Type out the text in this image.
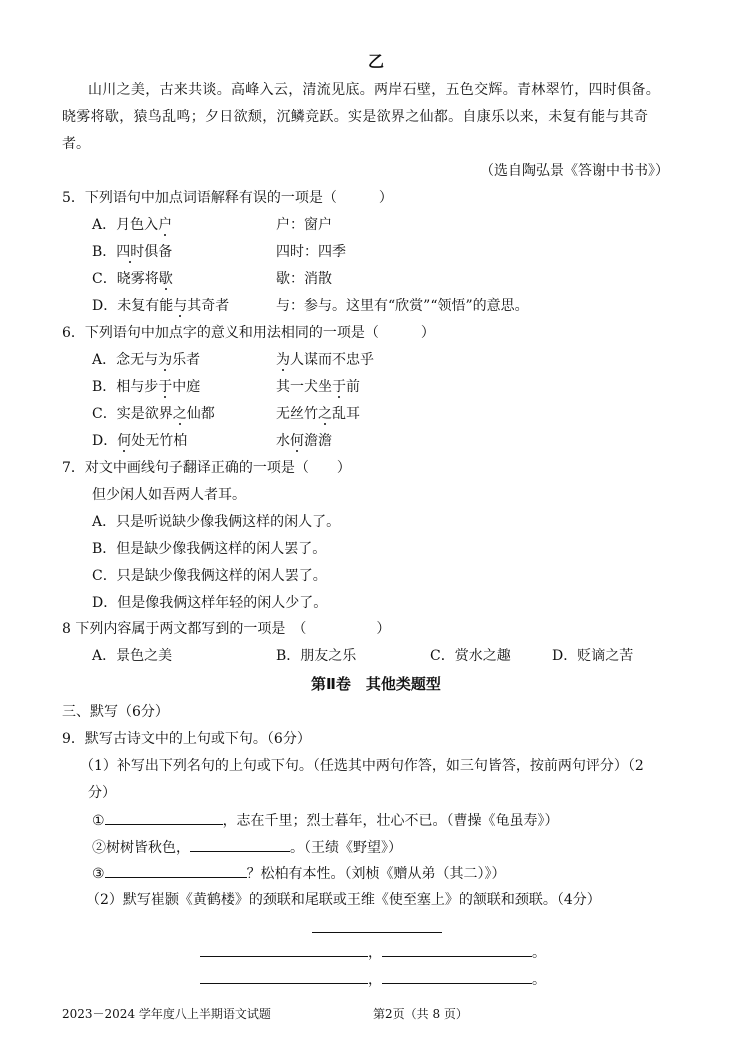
乙
山川之美，古来共谈。高峰入云，清流见底。两岸石壁，五色交辉。青林翠竹，四时俱备。
晓雾将歇，猿鸟乱鸣；夕日欲颓，沉鳞竞跃。实是欲界之仙都。自康乐以来，未复有能与其奇
者。
（选自陶弘景《答谢中书书》）
5．下列语句中加点词语解释有误的一项是（　　　）
A．月色入户	户：窗户
B．四时俱备	四时：四季
C．晓雾将歇	歇：消散
D．未复有能与其奇者	与：参与。这里有“欣赏”“领悟”的意思。
6．下列语句中加点字的意义和用法相同的一项是（　　　）
A．念无与为乐者	为人谋而不忠乎
B．相与步于中庭	其一犬坐于前
C．实是欲界之仙都	无丝竹之乱耳
D．何处无竹柏	水何澹澹
7．对文中画线句子翻译正确的一项是（　　）
但少闲人如吾两人者耳。
A．只是听说缺少像我俩这样的闲人了。
B．但是缺少像我俩这样的闲人罢了。
C．只是缺少像我俩这样的闲人罢了。
D．但是像我俩这样年轻的闲人少了。
8 下列内容属于两文都写到的一项是　（　　　　　）
A．景色之美	B．朋友之乐	C．赏水之趣	D．贬谪之苦
第Ⅱ卷　其他类题型
三、默写（6分）
9．默写古诗文中的上句或下句。（6分）
（1）补写出下列名句的上句或下句。（任选其中两句作答，如三句皆答，按前两句评分）（2
分）
①	，志在千里；烈士暮年，壮心不已。（曹操《龟虽寿》）
②树树皆秋色，	。（王绩《野望》）
③	？松柏有本性。（刘桢《赠从弟（其二）》）
（2）默写崔颢《黄鹤楼》的颈联和尾联或王维《使至塞上》的颔联和颈联。（4分）
，	。
，	。
2023－2024 学年度八上半期语文试题	第2页（共 8 页）
